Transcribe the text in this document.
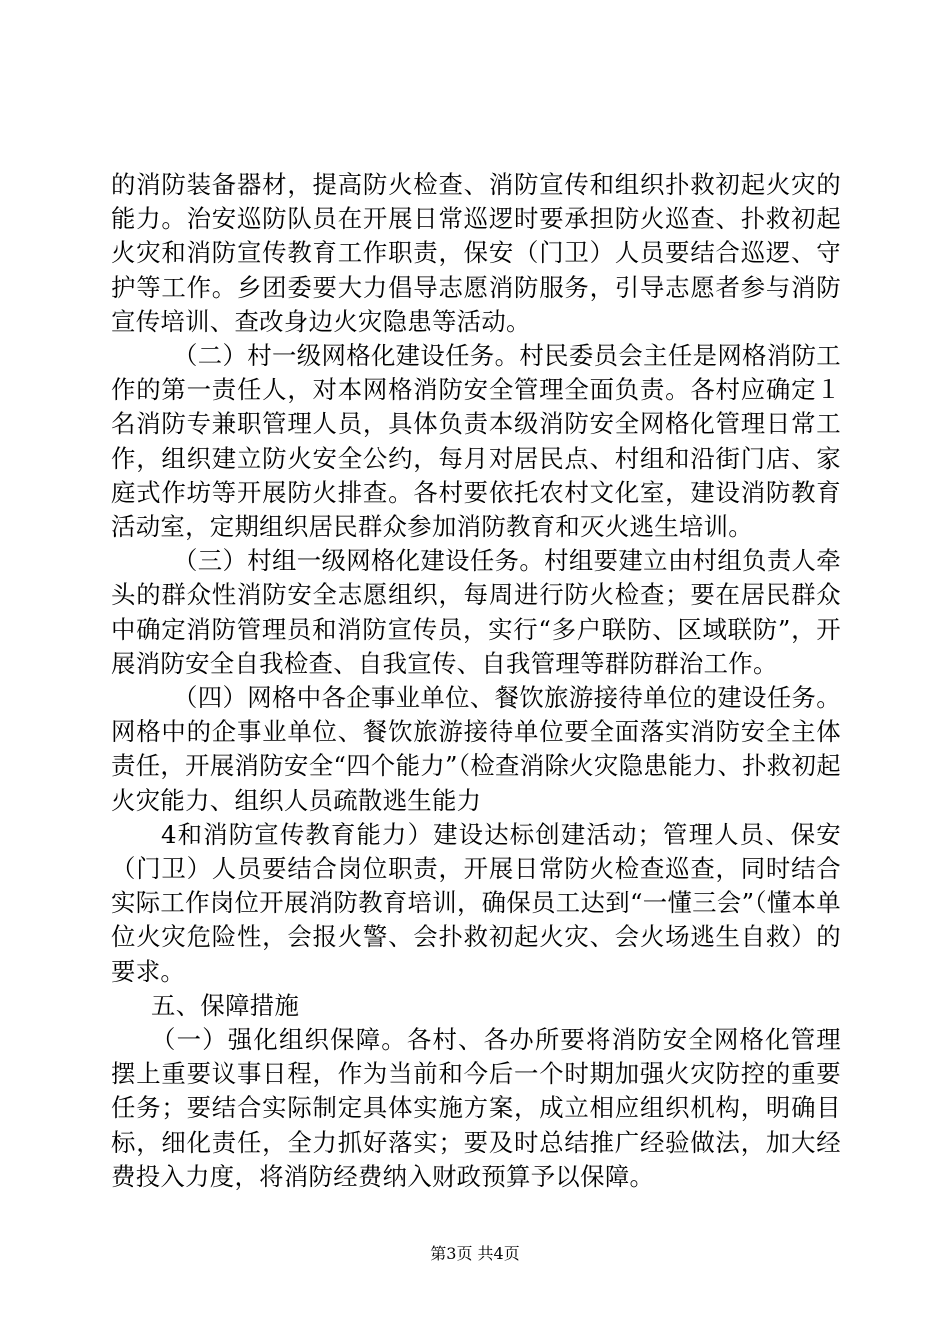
的消防装备器材，提高防火检查、消防宣传和组织扑救初起火灾的能力。治安巡防队员在开展日常巡逻时要承担防火巡查、扑救初起火灾和消防宣传教育工作职责，保安（门卫）人员要结合巡逻、守护等工作。乡团委要大力倡导志愿消防服务，引导志愿者参与消防宣传培训、查改身边火灾隐患等活动。

（二）村一级网格化建设任务。村民委员会主任是网格消防工作的第一责任人，对本网格消防安全管理全面负责。各村应确定１名消防专兼职管理人员，具体负责本级消防安全网格化管理日常工作，组织建立防火安全公约，每月对居民点、村组和沿街门店、家庭式作坊等开展防火排查。各村要依托农村文化室，建设消防教育活动室，定期组织居民群众参加消防教育和灭火逃生培训。

（三）村组一级网格化建设任务。村组要建立由村组负责人牵头的群众性消防安全志愿组织，每周进行防火检查；要在居民群众中确定消防管理员和消防宣传员，实行“多户联防、区域联防”，开展消防安全自我检查、自我宣传、自我管理等群防群治工作。

（四）网格中各企事业单位、餐饮旅游接待单位的建设任务。网格中的企事业单位、餐饮旅游接待单位要全面落实消防安全主体责任，开展消防安全“四个能力”（检查消除火灾隐患能力、扑救初起火灾能力、组织人员疏散逃生能力

4和消防宣传教育能力）建设达标创建活动；管理人员、保安（门卫）人员要结合岗位职责，开展日常防火检查巡查，同时结合实际工作岗位开展消防教育培训，确保员工达到“一懂三会”（懂本单位火灾危险性，会报火警、会扑救初起火灾、会火场逃生自救）的要求。

五、保障措施

（一）强化组织保障。各村、各办所要将消防安全网格化管理摆上重要议事日程，作为当前和今后一个时期加强火灾防控的重要任务；要结合实际制定具体实施方案，成立相应组织机构，明确目标，细化责任，全力抓好落实；要及时总结推广经验做法，加大经费投入力度，将消防经费纳入财政预算予以保障。

第3页 共4页
